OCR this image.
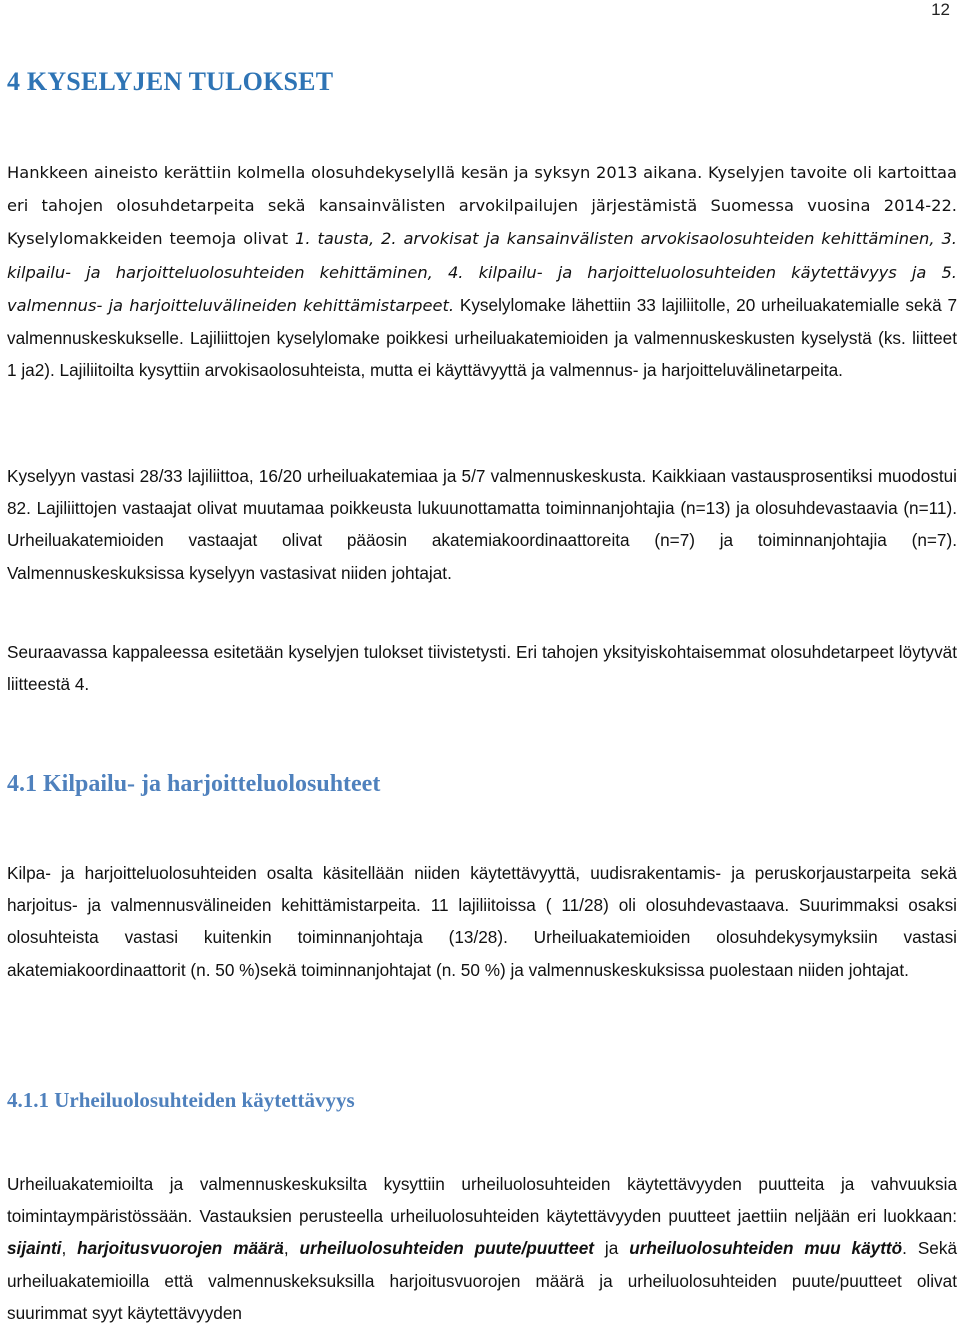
12
4 KYSELYJEN TULOKSET

Hankkeen aineisto kerättiin kolmella olosuhdekyselyllä kesän ja syksyn 2013 aikana. Kyselyjen tavoite oli kartoittaa eri tahojen olosuhdetarpeita sekä kansainvälisten arvokilpailujen järjestämistä Suomessa vuosina 2014-22. Kyselylomakkeiden teemoja olivat 1. tausta, 2. arvokisat ja kansainvälisten arvokisaolosuhteiden kehittäminen, 3. kilpailu- ja harjoitteluolosuhteiden kehittäminen, 4. kilpailu- ja harjoitteluolosuhteiden käytettävyys ja 5. valmennus- ja harjoitteluvälineiden kehittämistarpeet. Kyselylomake lähettiin 33 lajiliitolle, 20 urheiluakatemialle sekä 7 valmennuskeskukselle. Lajiliittojen kyselylomake poikkesi urheiluakatemioiden ja valmennuskeskusten kyselystä (ks. liitteet 1 ja2). Lajiliitoilta kysyttiin arvokisaolosuhteista, mutta ei käyttävyyttä ja valmennus- ja harjoitteluvälinetarpeita.

Kyselyyn vastasi 28/33 lajiliittoa, 16/20 urheiluakatemiaa ja 5/7 valmennuskeskusta. Kaikkiaan vastausprosentiksi muodostui 82. Lajiliittojen vastaajat olivat muutamaa poikkeusta lukuunottamatta toiminnanjohtajia (n=13) ja olosuhdevastaavia (n=11). Urheiluakatemioiden vastaajat olivat pääosin akatemiakoordinaattoreita (n=7) ja toiminnanjohtajia (n=7). Valmennuskeskuksissa kyselyyn vastasivat niiden johtajat.

Seuraavassa kappaleessa esitetään kyselyjen tulokset tiivistetysti. Eri tahojen yksityiskohtaisemmat olosuhdetarpeet löytyvät liitteestä 4.

4.1 Kilpailu- ja harjoitteluolosuhteet

Kilpa- ja harjoitteluolosuhteiden osalta käsitellään niiden käytettävyyttä, uudisrakentamis- ja peruskorjaustarpeita sekä harjoitus- ja valmennusvälineiden kehittämistarpeita. 11 lajiliitoissa ( 11/28) oli olosuhdevastaava. Suurimmaksi osaksi olosuhteista vastasi kuitenkin toiminnanjohtaja (13/28). Urheiluakatemioiden olosuhdekysymyksiin vastasi akatemiakoordinaattorit (n. 50 %)sekä toiminnanjohtajat (n. 50 %) ja valmennuskeskuksissa puolestaan niiden johtajat.

4.1.1 Urheiluolosuhteiden käytettävyys

Urheiluakatemioilta ja valmennuskeskuksilta kysyttiin urheiluolosuhteiden käytettävyyden puutteita ja vahvuuksia toimintaympäristössään. Vastauksien perusteella urheiluolosuhteiden käytettävyyden puutteet jaettiin neljään eri luokkaan: sijainti, harjoitusvuorojen määrä, urheiluolosuhteiden puute/puutteet ja urheiluolosuhteiden muu käyttö. Sekä urheiluakatemioilla että valmennuskeksuksilla harjoitusvuorojen määrä ja urheiluolosuhteiden puute/puutteet olivat suurimmat syyt käytettävyyden
